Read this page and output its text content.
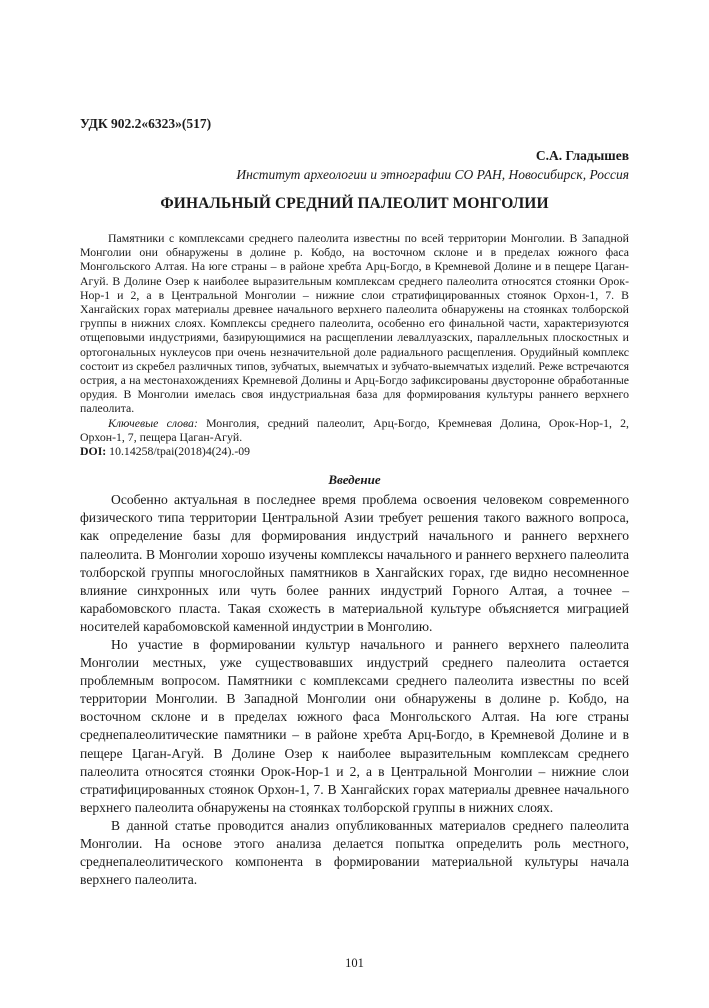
УДК 902.2«6323»(517)

С.А. Гладышев

Институт археологии и этнографии СО РАН, Новосибирск, Россия

ФИНАЛЬНЫЙ СРЕДНИЙ ПАЛЕОЛИТ МОНГОЛИИ

Памятники с комплексами среднего палеолита известны по всей территории Монголии. В Западной Монголии они обнаружены в долине р. Кобдо, на восточном склоне и в пределах южного фаса Монгольского Алтая. На юге страны – в районе хребта Арц-Богдо, в Кремневой Долине и в пещере Цаган-Агуй. В Долине Озер к наиболее выразительным комплексам среднего палеолита относятся стоянки Орок-Нор-1 и 2, а в Центральной Монголии – нижние слои стратифицированных стоянок Орхон-1, 7. В Хангайских горах материалы древнее начального верхнего палеолита обнаружены на стоянках толборской группы в нижних слоях. Комплексы среднего палеолита, особенно его финальной части, характеризуются отщеповыми индустриями, базирующимися на расщеплении леваллуазских, параллельных плоскостных и ортогональных нуклеусов при очень незначительной доле радиального расщепления. Орудийный комплекс состоит из скребел различных типов, зубчатых, выемчатых и зубчато-выемчатых изделий. Реже встречаются острия, а на местонахождениях Кремневой Долины и Арц-Богдо зафиксированы двусторонне обработанные орудия. В Монголии имелась своя индустриальная база для формирования культуры раннего верхнего палеолита.

Ключевые слова: Монголия, средний палеолит, Арц-Богдо, Кремневая Долина, Орок-Нор-1, 2, Орхон-1, 7, пещера Цаган-Агуй.

DOI: 10.14258/tpai(2018)4(24).-09

Введение

Особенно актуальная в последнее время проблема освоения человеком современного физического типа территории Центральной Азии требует решения такого важного вопроса, как определение базы для формирования индустрий начального и раннего верхнего палеолита. В Монголии хорошо изучены комплексы начального и раннего верхнего палеолита толборской группы многослойных памятников в Хангайских горах, где видно несомненное влияние синхронных или чуть более ранних индустрий Горного Алтая, а точнее – карабомовского пласта. Такая схожесть в материальной культуре объясняется миграцией носителей карабомовской каменной индустрии в Монголию.

Но участие в формировании культур начального и раннего верхнего палеолита Монголии местных, уже существовавших индустрий среднего палеолита остается проблемным вопросом. Памятники с комплексами среднего палеолита известны по всей территории Монголии. В Западной Монголии они обнаружены в долине р. Кобдо, на восточном склоне и в пределах южного фаса Монгольского Алтая. На юге страны среднепалеолитические памятники – в районе хребта Арц-Богдо, в Кремневой Долине и в пещере Цаган-Агуй. В Долине Озер к наиболее выразительным комплексам среднего палеолита относятся стоянки Орок-Нор-1 и 2, а в Центральной Монголии – нижние слои стратифицированных стоянок Орхон-1, 7. В Хангайских горах материалы древнее начального верхнего палеолита обнаружены на стоянках толборской группы в нижних слоях.

В данной статье проводится анализ опубликованных материалов среднего палеолита Монголии. На основе этого анализа делается попытка определить роль местного, среднепалеолитического компонента в формировании материальной культуры начала верхнего палеолита.

101
